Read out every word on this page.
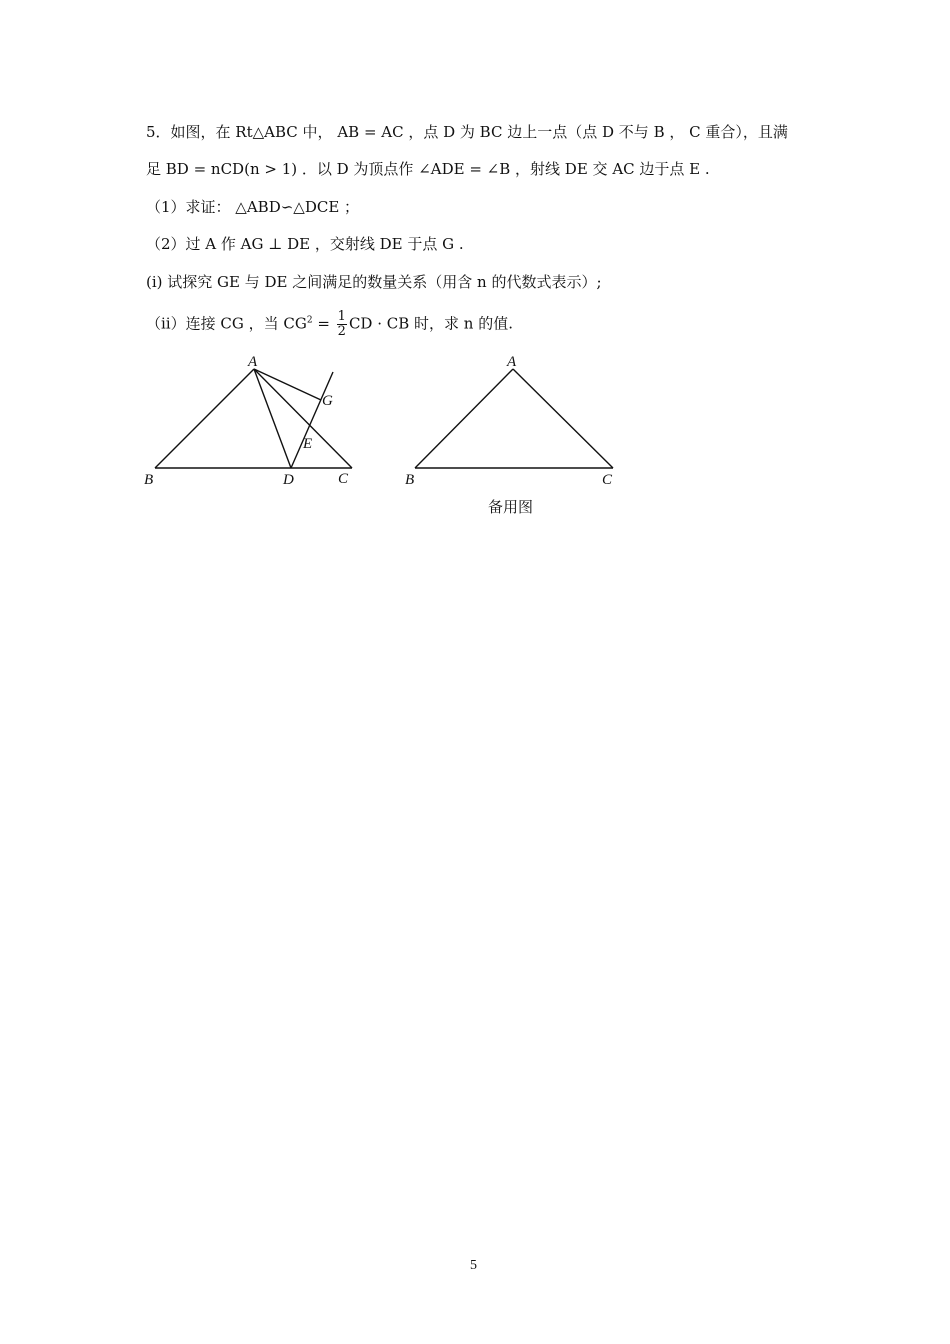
5．如图，在 Rt△ABC 中， AB = AC ，点 D 为 BC 边上一点（点 D 不与 B ， C 重合），且满
足 BD = nCD(n > 1) ．以 D 为顶点作 ∠ADE = ∠B ，射线 DE 交 AC 边于点 E .
（1）求证： △ABD∽△DCE ；
（2）过 A 作 AG ⊥ DE ，交射线 DE 于点 G .
(i) 试探究 GE 与 DE 之间满足的数量关系（用含 n 的代数式表示）;
（ⅱ）连接 CG ，当 $CG^2 = \frac{1}{2}$ CD · CB 时，求 n 的值.
A
B	D	C
E
G
A
B	C
备用图
5
